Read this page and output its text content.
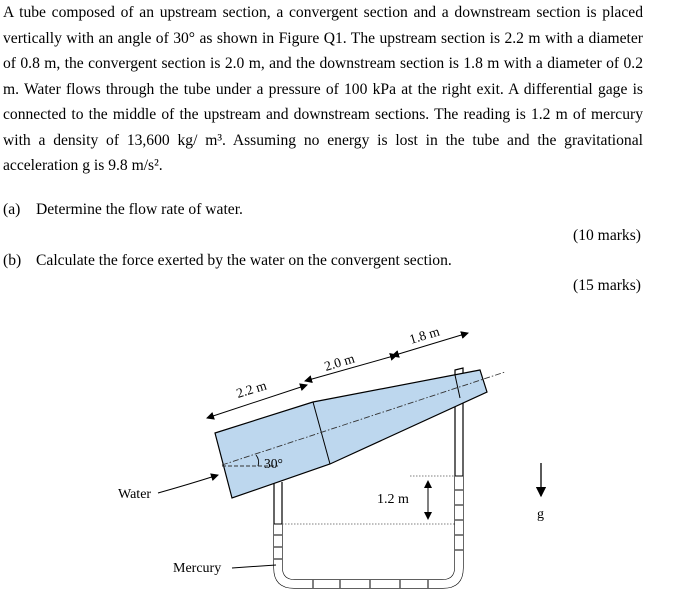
A tube composed of an upstream section, a convergent section and a downstream section is placed vertically with an angle of 30° as shown in Figure Q1. The upstream section is 2.2 m with a diameter of 0.8 m, the convergent section is 2.0 m, and the downstream section is 1.8 m with a diameter of 0.2 m. Water flows through the tube under a pressure of 100 kPa at the right exit. A differential gage is connected to the middle of the upstream and downstream sections. The reading is 1.2 m of mercury with a density of 13,600 kg/ m³. Assuming no energy is lost in the tube and the gravitational acceleration g is 9.8 m/s².

(a) Determine the flow rate of water.

(10 marks)

(b) Calculate the force exerted by the water on the convergent section.

(15 marks)

30°
2.2 m
2.0 m
1.8 m
Water
Mercury
1.2 m
g
